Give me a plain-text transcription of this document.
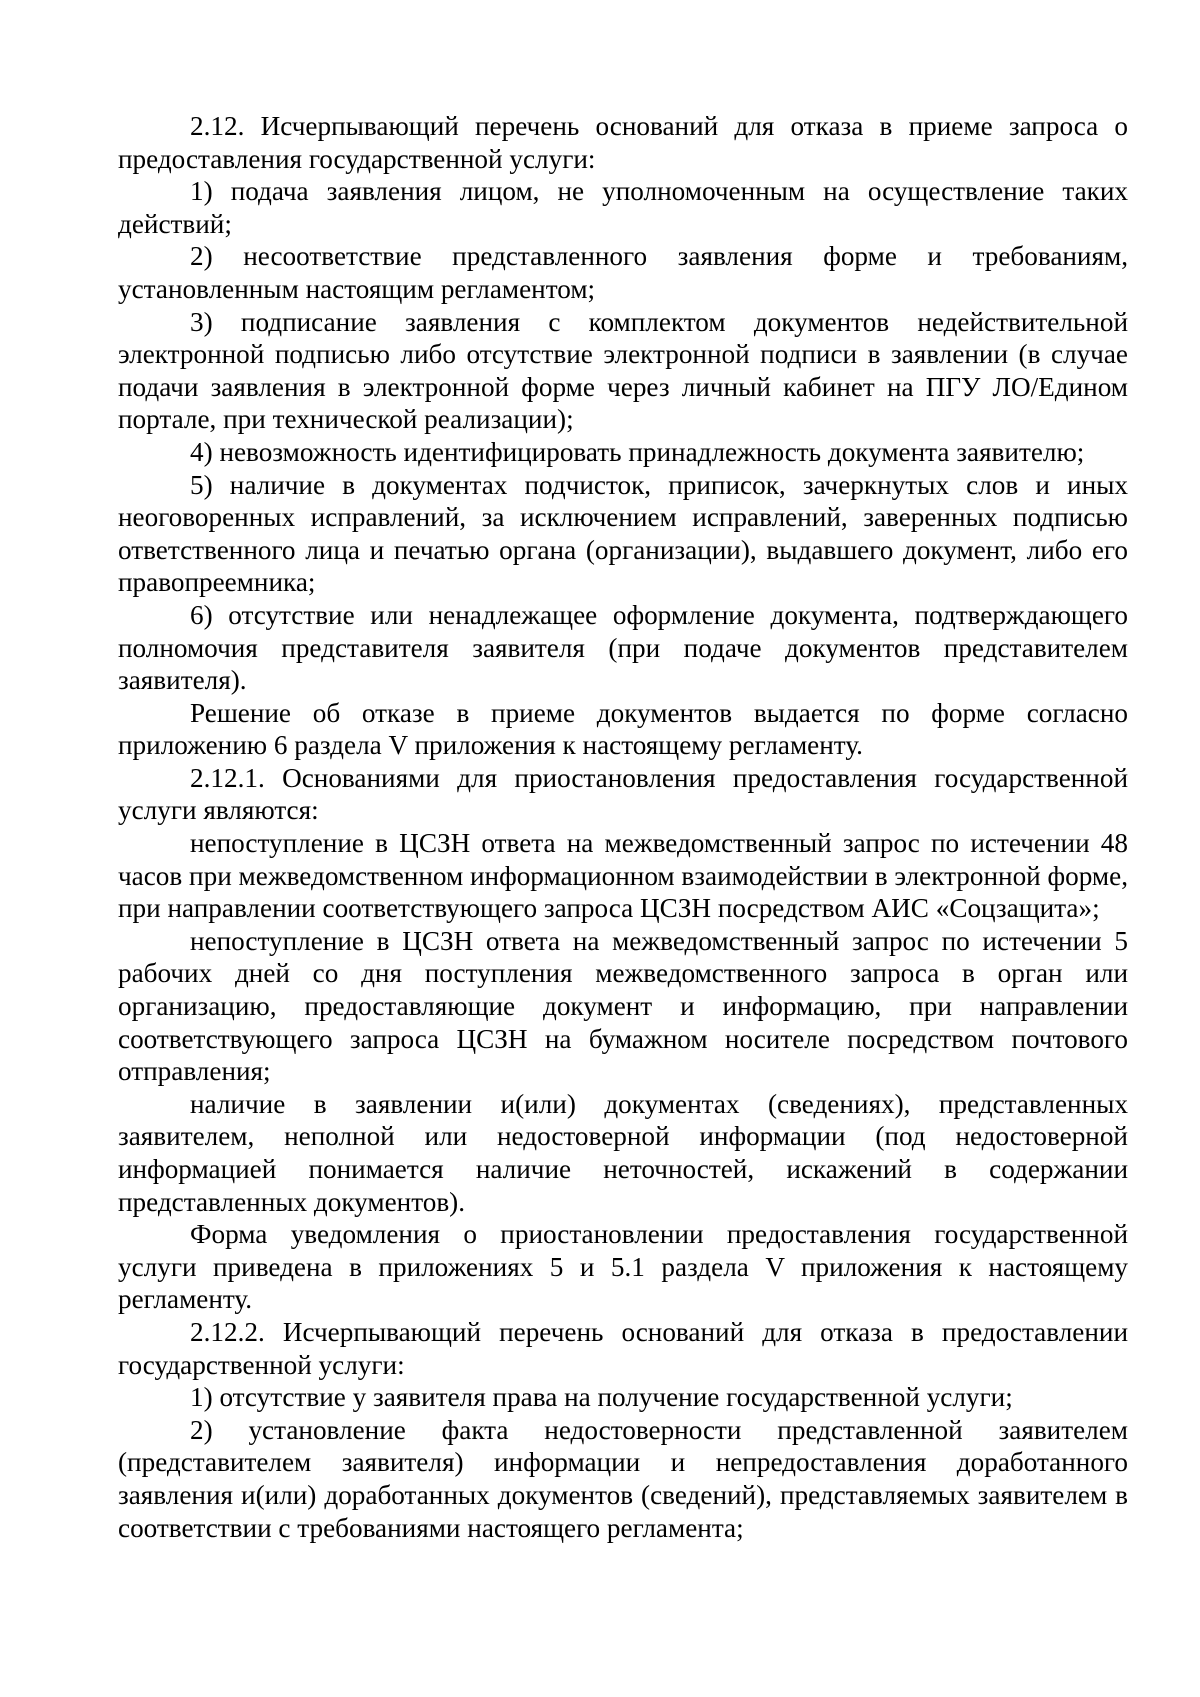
2.12. Исчерпывающий перечень оснований для отказа в приеме запроса о предоставления государственной услуги:

1) подача заявления лицом, не уполномоченным на осуществление таких действий;

2) несоответствие представленного заявления форме и требованиям, установленным настоящим регламентом;

3) подписание заявления с комплектом документов недействительной электронной подписью либо отсутствие электронной подписи в заявлении (в случае подачи заявления в электронной форме через личный кабинет на ПГУ ЛО/Едином портале, при технической реализации);

4) невозможность идентифицировать принадлежность документа заявителю;

5) наличие в документах подчисток, приписок, зачеркнутых слов и иных неоговоренных исправлений, за исключением исправлений, заверенных подписью ответственного лица и печатью органа (организации), выдавшего документ, либо его правопреемника;

6) отсутствие или ненадлежащее оформление документа, подтверждающего полномочия представителя заявителя (при подаче документов представителем заявителя).

Решение об отказе в приеме документов выдается по форме согласно приложению 6 раздела V приложения к настоящему регламенту.

2.12.1. Основаниями для приостановления предоставления государственной услуги являются:

непоступление в ЦСЗН ответа на межведомственный запрос по истечении 48 часов при межведомственном информационном взаимодействии в электронной форме, при направлении соответствующего запроса ЦСЗН посредством АИС «Соцзащита»;

непоступление в ЦСЗН ответа на межведомственный запрос по истечении 5 рабочих дней со дня поступления межведомственного запроса в орган или организацию, предоставляющие документ и информацию, при направлении соответствующего запроса ЦСЗН на бумажном носителе посредством почтового отправления;

наличие в заявлении и(или) документах (сведениях), представленных заявителем, неполной или недостоверной информации (под недостоверной информацией понимается наличие неточностей, искажений в содержании представленных документов).

Форма уведомления о приостановлении предоставления государственной услуги приведена в приложениях 5 и 5.1 раздела V приложения к настоящему регламенту.

2.12.2. Исчерпывающий перечень оснований для отказа в предоставлении государственной услуги:

1) отсутствие у заявителя права на получение государственной услуги;

2) установление факта недостоверности представленной заявителем (представителем заявителя) информации и непредоставления доработанного заявления и(или) доработанных документов (сведений), представляемых заявителем в соответствии с требованиями настоящего регламента;
